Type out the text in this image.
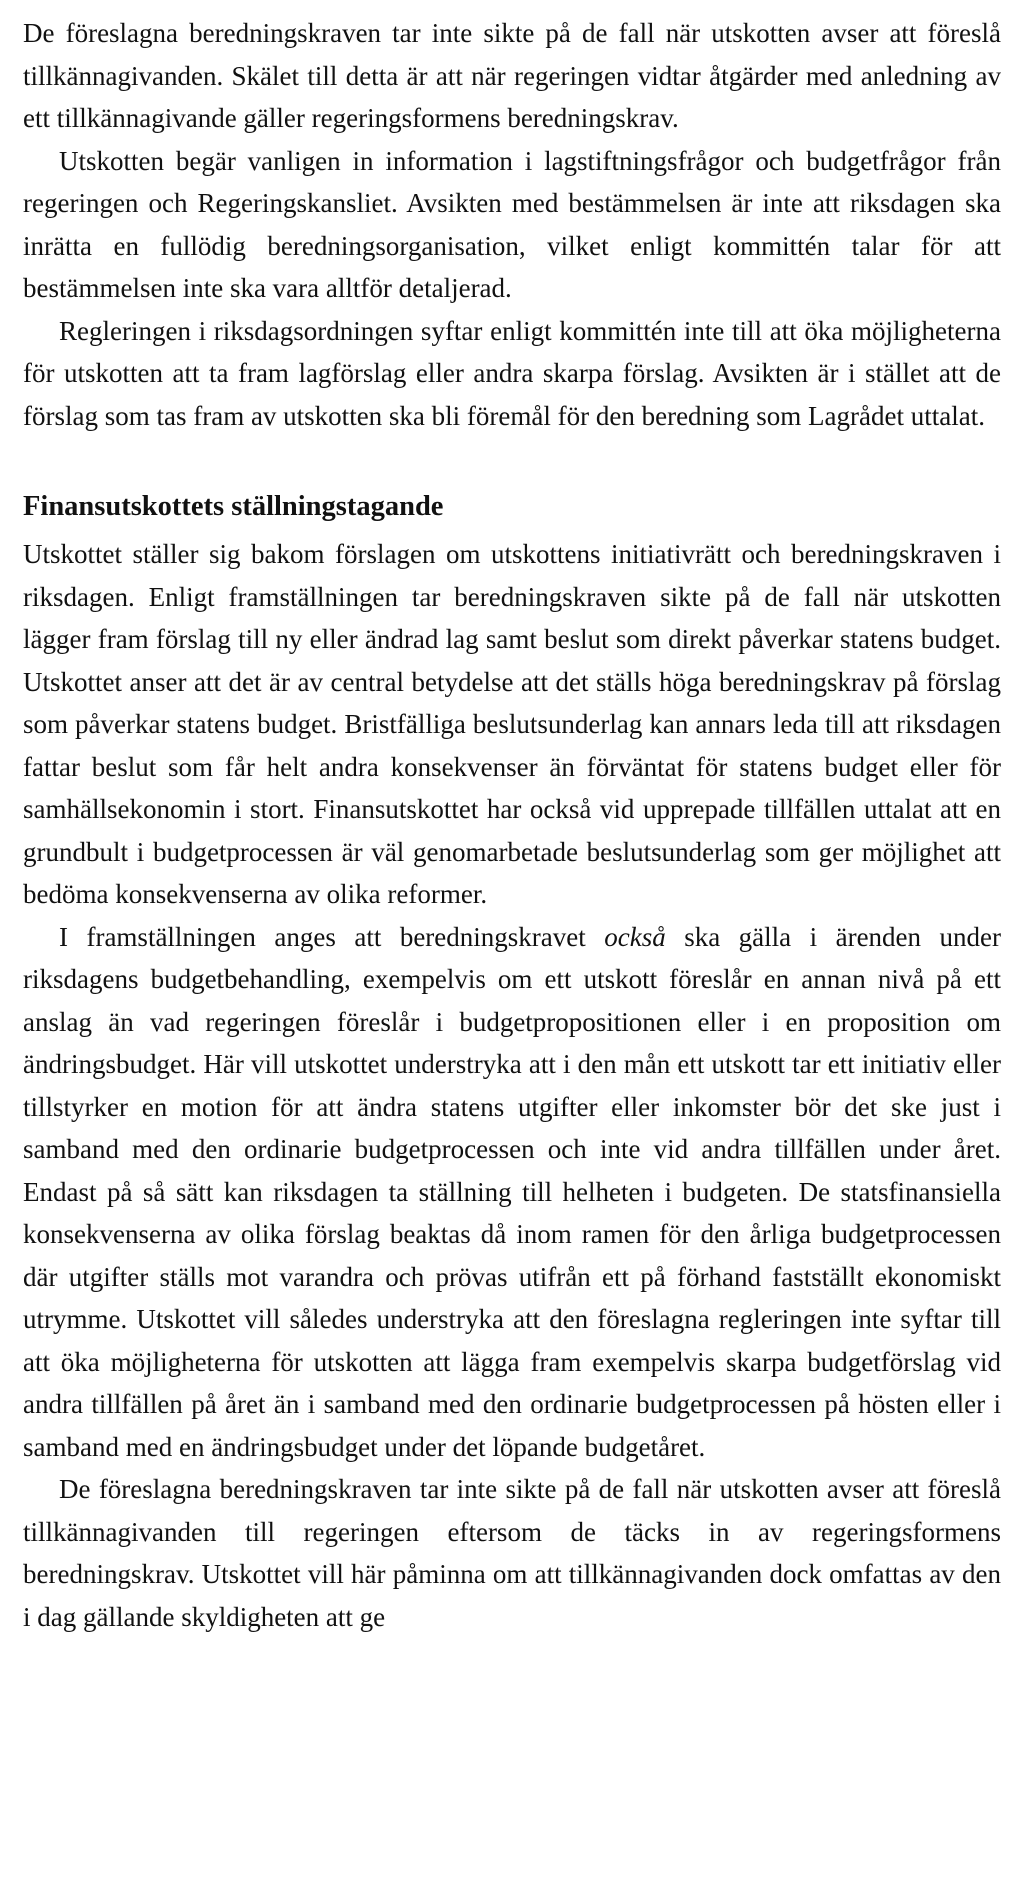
De föreslagna beredningskraven tar inte sikte på de fall när utskotten avser att föreslå tillkännagivanden. Skälet till detta är att när regeringen vidtar åtgärder med anledning av ett tillkännagivande gäller regeringsformens beredningskrav.

Utskotten begär vanligen in information i lagstiftningsfrågor och budgetfrågor från regeringen och Regeringskansliet. Avsikten med bestämmelsen är inte att riksdagen ska inrätta en fullödig beredningsorganisation, vilket enligt kommittén talar för att bestämmelsen inte ska vara alltför detaljerad.

Regleringen i riksdagsordningen syftar enligt kommittén inte till att öka möjligheterna för utskotten att ta fram lagförslag eller andra skarpa förslag. Avsikten är i stället att de förslag som tas fram av utskotten ska bli föremål för den beredning som Lagrådet uttalat.

Finansutskottets ställningstagande

Utskottet ställer sig bakom förslagen om utskottens initiativrätt och beredningskraven i riksdagen. Enligt framställningen tar beredningskraven sikte på de fall när utskotten lägger fram förslag till ny eller ändrad lag samt beslut som direkt påverkar statens budget. Utskottet anser att det är av central betydelse att det ställs höga beredningskrav på förslag som påverkar statens budget. Bristfälliga beslutsunderlag kan annars leda till att riksdagen fattar beslut som får helt andra konsekvenser än förväntat för statens budget eller för samhällsekonomin i stort. Finansutskottet har också vid upprepade tillfällen uttalat att en grundbult i budgetprocessen är väl genomarbetade beslutsunderlag som ger möjlighet att bedöma konsekvenserna av olika reformer.

I framställningen anges att beredningskravet också ska gälla i ärenden under riksdagens budgetbehandling, exempelvis om ett utskott föreslår en annan nivå på ett anslag än vad regeringen föreslår i budgetpropositionen eller i en proposition om ändringsbudget. Här vill utskottet understryka att i den mån ett utskott tar ett initiativ eller tillstyrker en motion för att ändra statens utgifter eller inkomster bör det ske just i samband med den ordinarie budgetprocessen och inte vid andra tillfällen under året. Endast på så sätt kan riksdagen ta ställning till helheten i budgeten. De statsfinansiella konsekvenserna av olika förslag beaktas då inom ramen för den årliga budgetprocessen där utgifter ställs mot varandra och prövas utifrån ett på förhand fastställt ekonomiskt utrymme. Utskottet vill således understryka att den föreslagna regleringen inte syftar till att öka möjligheterna för utskotten att lägga fram exempelvis skarpa budgetförslag vid andra tillfällen på året än i samband med den ordinarie budgetprocessen på hösten eller i samband med en ändringsbudget under det löpande budgetåret.

De föreslagna beredningskraven tar inte sikte på de fall när utskotten avser att föreslå tillkännagivanden till regeringen eftersom de täcks in av regeringsformens beredningskrav. Utskottet vill här påminna om att tillkännagivanden dock omfattas av den i dag gällande skyldigheten att ge
